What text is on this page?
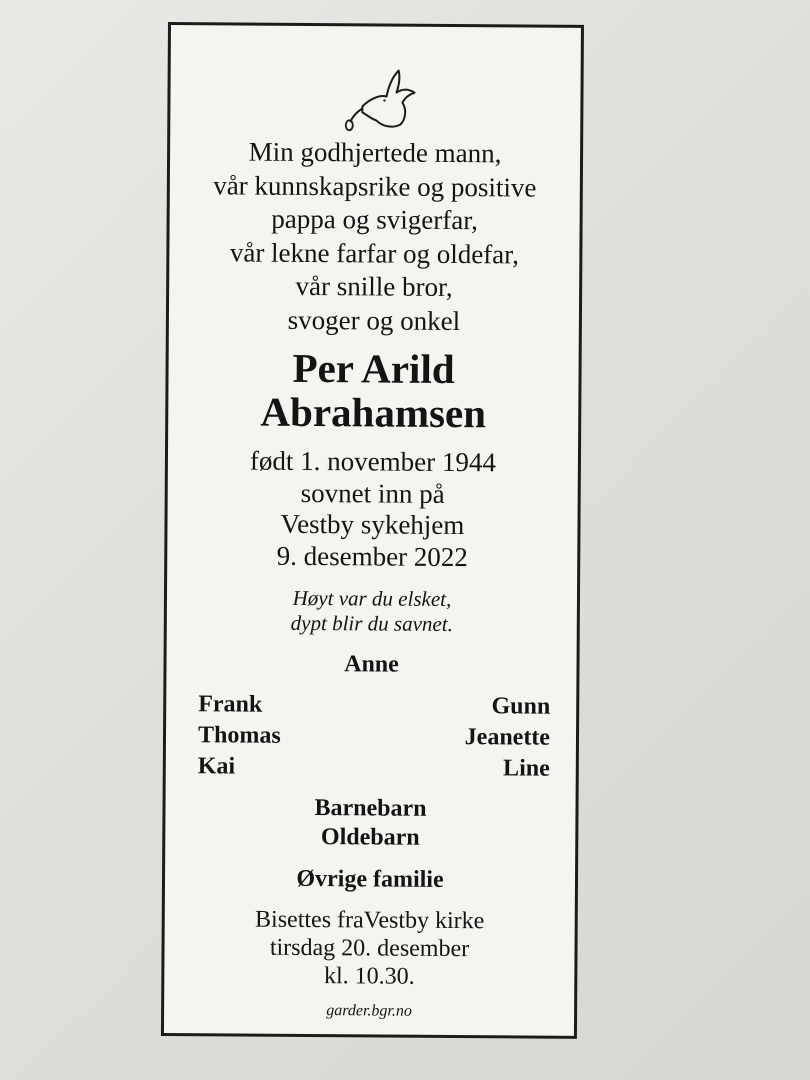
Min godhjertede mann,
vår kunnskapsrike og positive
pappa og svigerfar,
vår lekne farfar og oldefar,
vår snille bror,
svoger og onkel
Per Arild
Abrahamsen
født 1. november 1944
sovnet inn på
Vestby sykehjem
9. desember 2022
Høyt var du elsket,
dypt blir du savnet.
Anne
Frank
Thomas
Kai
Gunn
Jeanette
Line
Barnebarn
Oldebarn
Øvrige familie
Bisettes fraVestby kirke
tirsdag 20. desember
kl. 10.30.
garder.bgr.no
